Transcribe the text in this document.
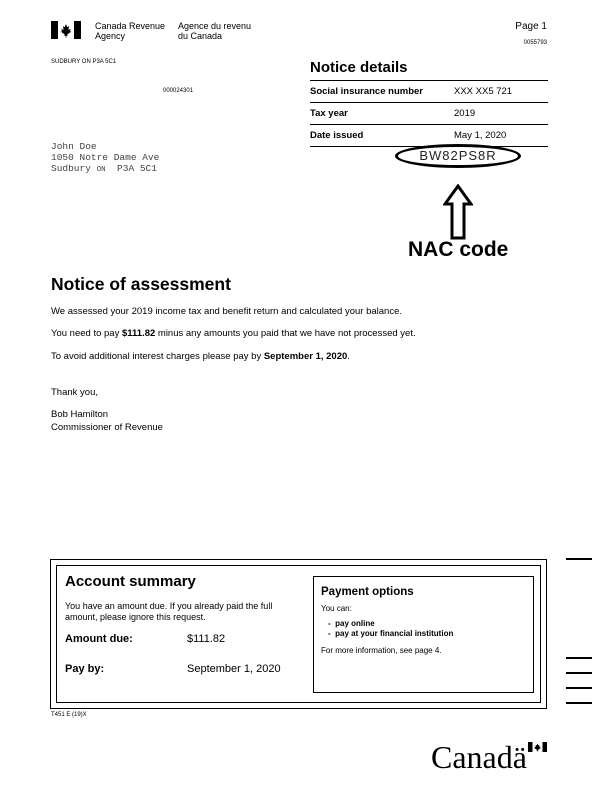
Canada Revenue
Agency
Agence du revenu
du Canada
Page 1
0055793
SUDBURY ON P3A 5C1
000024301
John Doe
1050 Notre Dame Ave
Sudbury ON P3A 5C1
Notice details
Social insurance number	XXX XX5 721
Tax year	2019
Date issued	May 1, 2020
BW82PS8R
NAC code
Notice of assessment
We assessed your 2019 income tax and benefit return and calculated your balance.
You need to pay $111.82 minus any amounts you paid that we have not processed yet.
To avoid additional interest charges please pay by September 1, 2020.
Thank you,
Bob Hamilton
Commissioner of Revenue
Account summary
You have an amount due. If you already paid the full amount, please ignore this request.
Amount due:	$111.82
Pay by:	September 1, 2020
Payment options
You can:
-  pay online
-  pay at your financial institution
For more information, see page 4.
T451 E (19)X
Canadä
